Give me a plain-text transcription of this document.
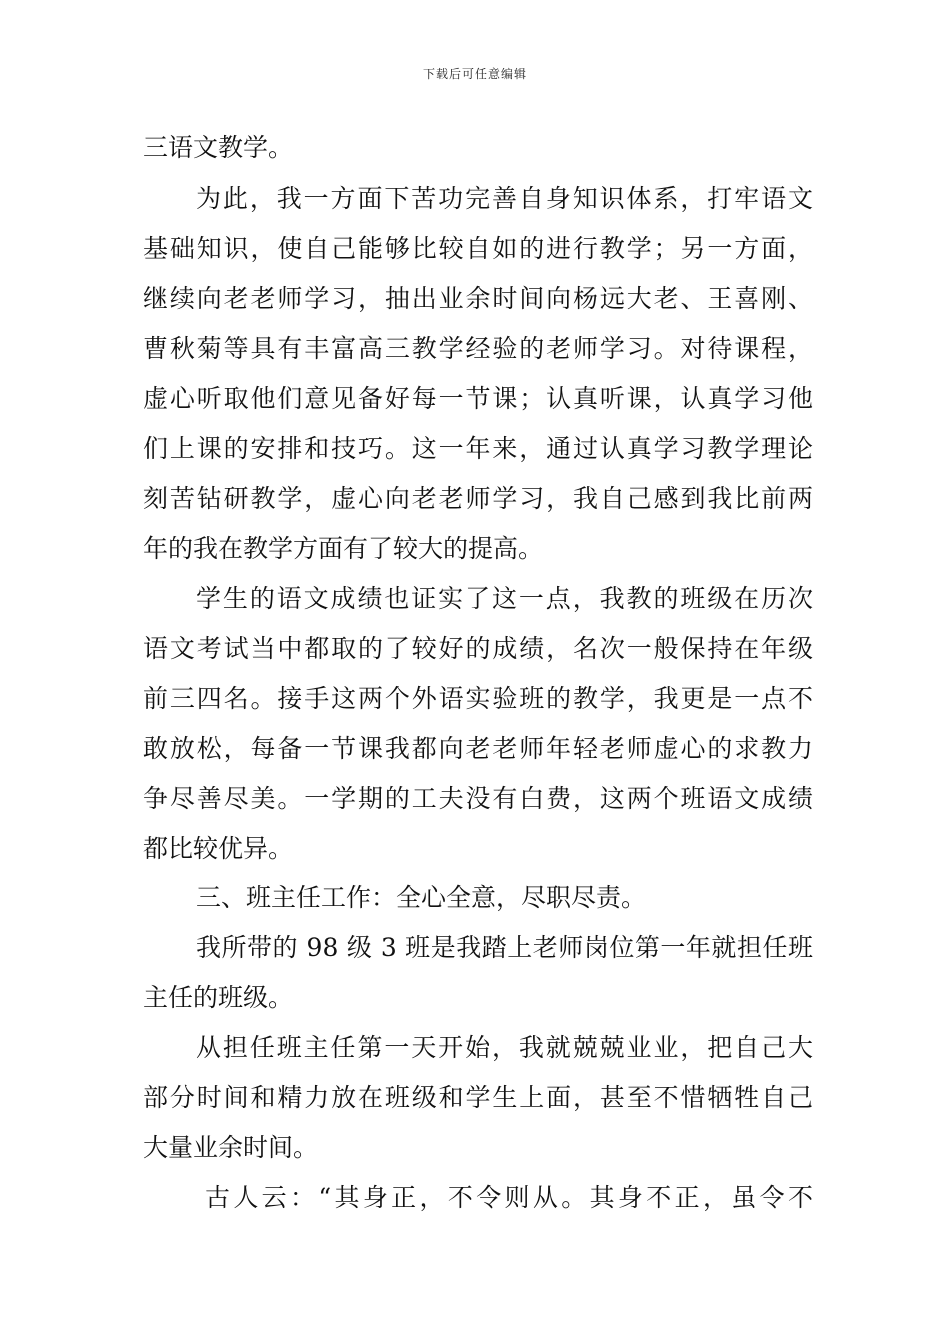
下载后可任意编辑
三语文教学。
为此，我一方面下苦功完善自身知识体系，打牢语文
基础知识，使自己能够比较自如的进行教学；另一方面，
继续向老老师学习，抽出业余时间向杨远大老、王喜刚、
曹秋菊等具有丰富高三教学经验的老师学习。对待课程，
虚心听取他们意见备好每一节课；认真听课，认真学习他
们上课的安排和技巧。这一年来，通过认真学习教学理论
刻苦钻研教学，虚心向老老师学习，我自己感到我比前两
年的我在教学方面有了较大的提高。
学生的语文成绩也证实了这一点，我教的班级在历次
语文考试当中都取的了较好的成绩，名次一般保持在年级
前三四名。接手这两个外语实验班的教学，我更是一点不
敢放松，每备一节课我都向老老师年轻老师虚心的求教力
争尽善尽美。一学期的工夫没有白费，这两个班语文成绩
都比较优异。
三、班主任工作：全心全意，尽职尽责。
我所带的 98 级 3 班是我踏上老师岗位第一年就担任班
主任的班级。
从担任班主任第一天开始，我就兢兢业业，把自己大
部分时间和精力放在班级和学生上面，甚至不惜牺牲自己
大量业余时间。
古人云：“其身正，不令则从。其身不正，虽令不
